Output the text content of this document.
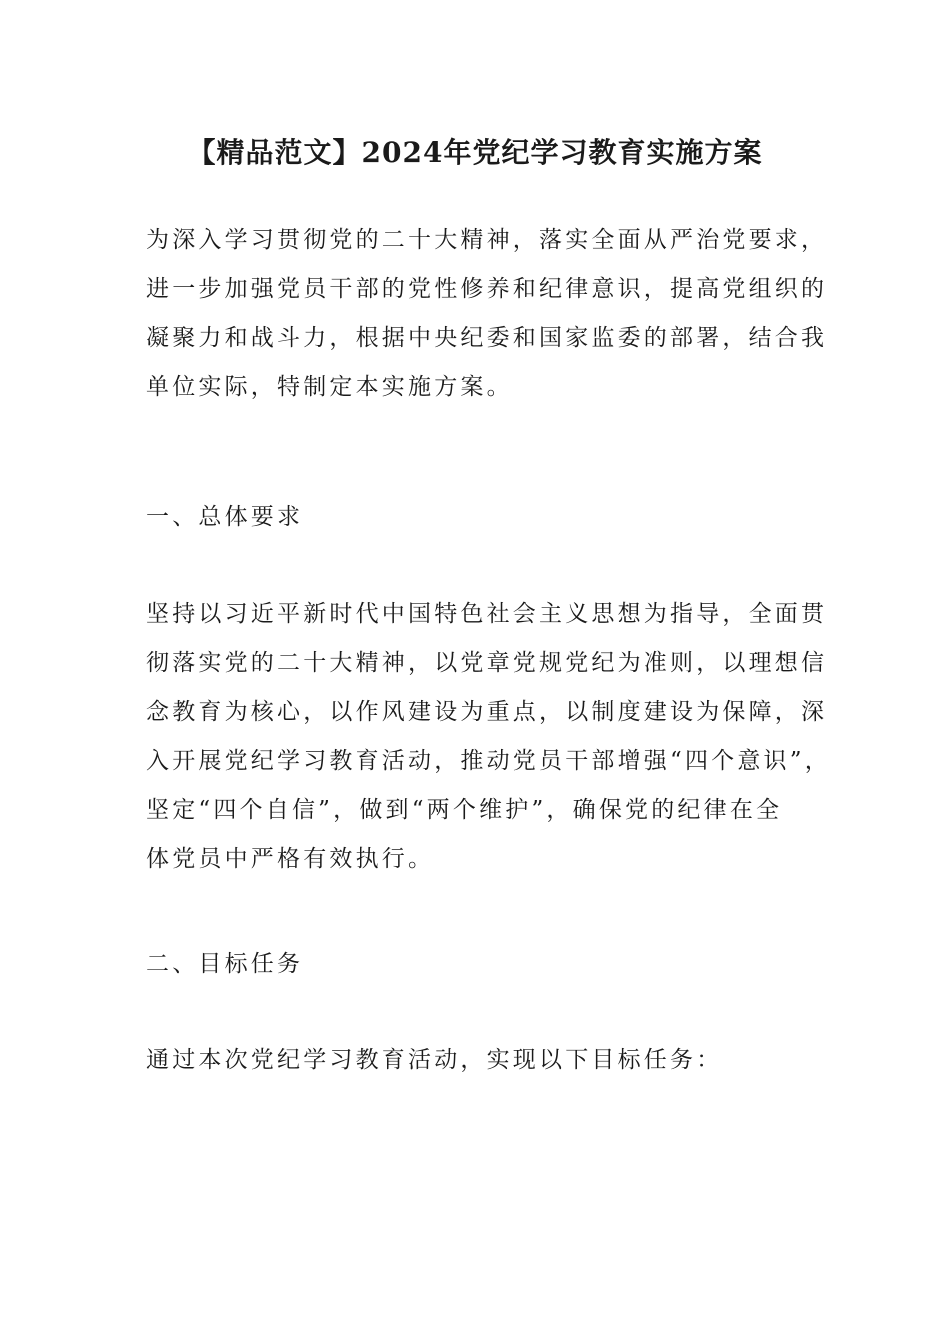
【精品范文】2024年党纪学习教育实施方案
为深入学习贯彻党的二十大精神，落实全面从严治党要求，
进一步加强党员干部的党性修养和纪律意识，提高党组织的
凝聚力和战斗力，根据中央纪委和国家监委的部署，结合我
单位实际，特制定本实施方案。
一、总体要求
坚持以习近平新时代中国特色社会主义思想为指导，全面贯
彻落实党的二十大精神，以党章党规党纪为准则，以理想信
念教育为核心，以作风建设为重点，以制度建设为保障，深
入开展党纪学习教育活动，推动党员干部增强“四个意识”，
坚定“四个自信”，做到“两个维护”，确保党的纪律在全
体党员中严格有效执行。
二、目标任务
通过本次党纪学习教育活动，实现以下目标任务：
